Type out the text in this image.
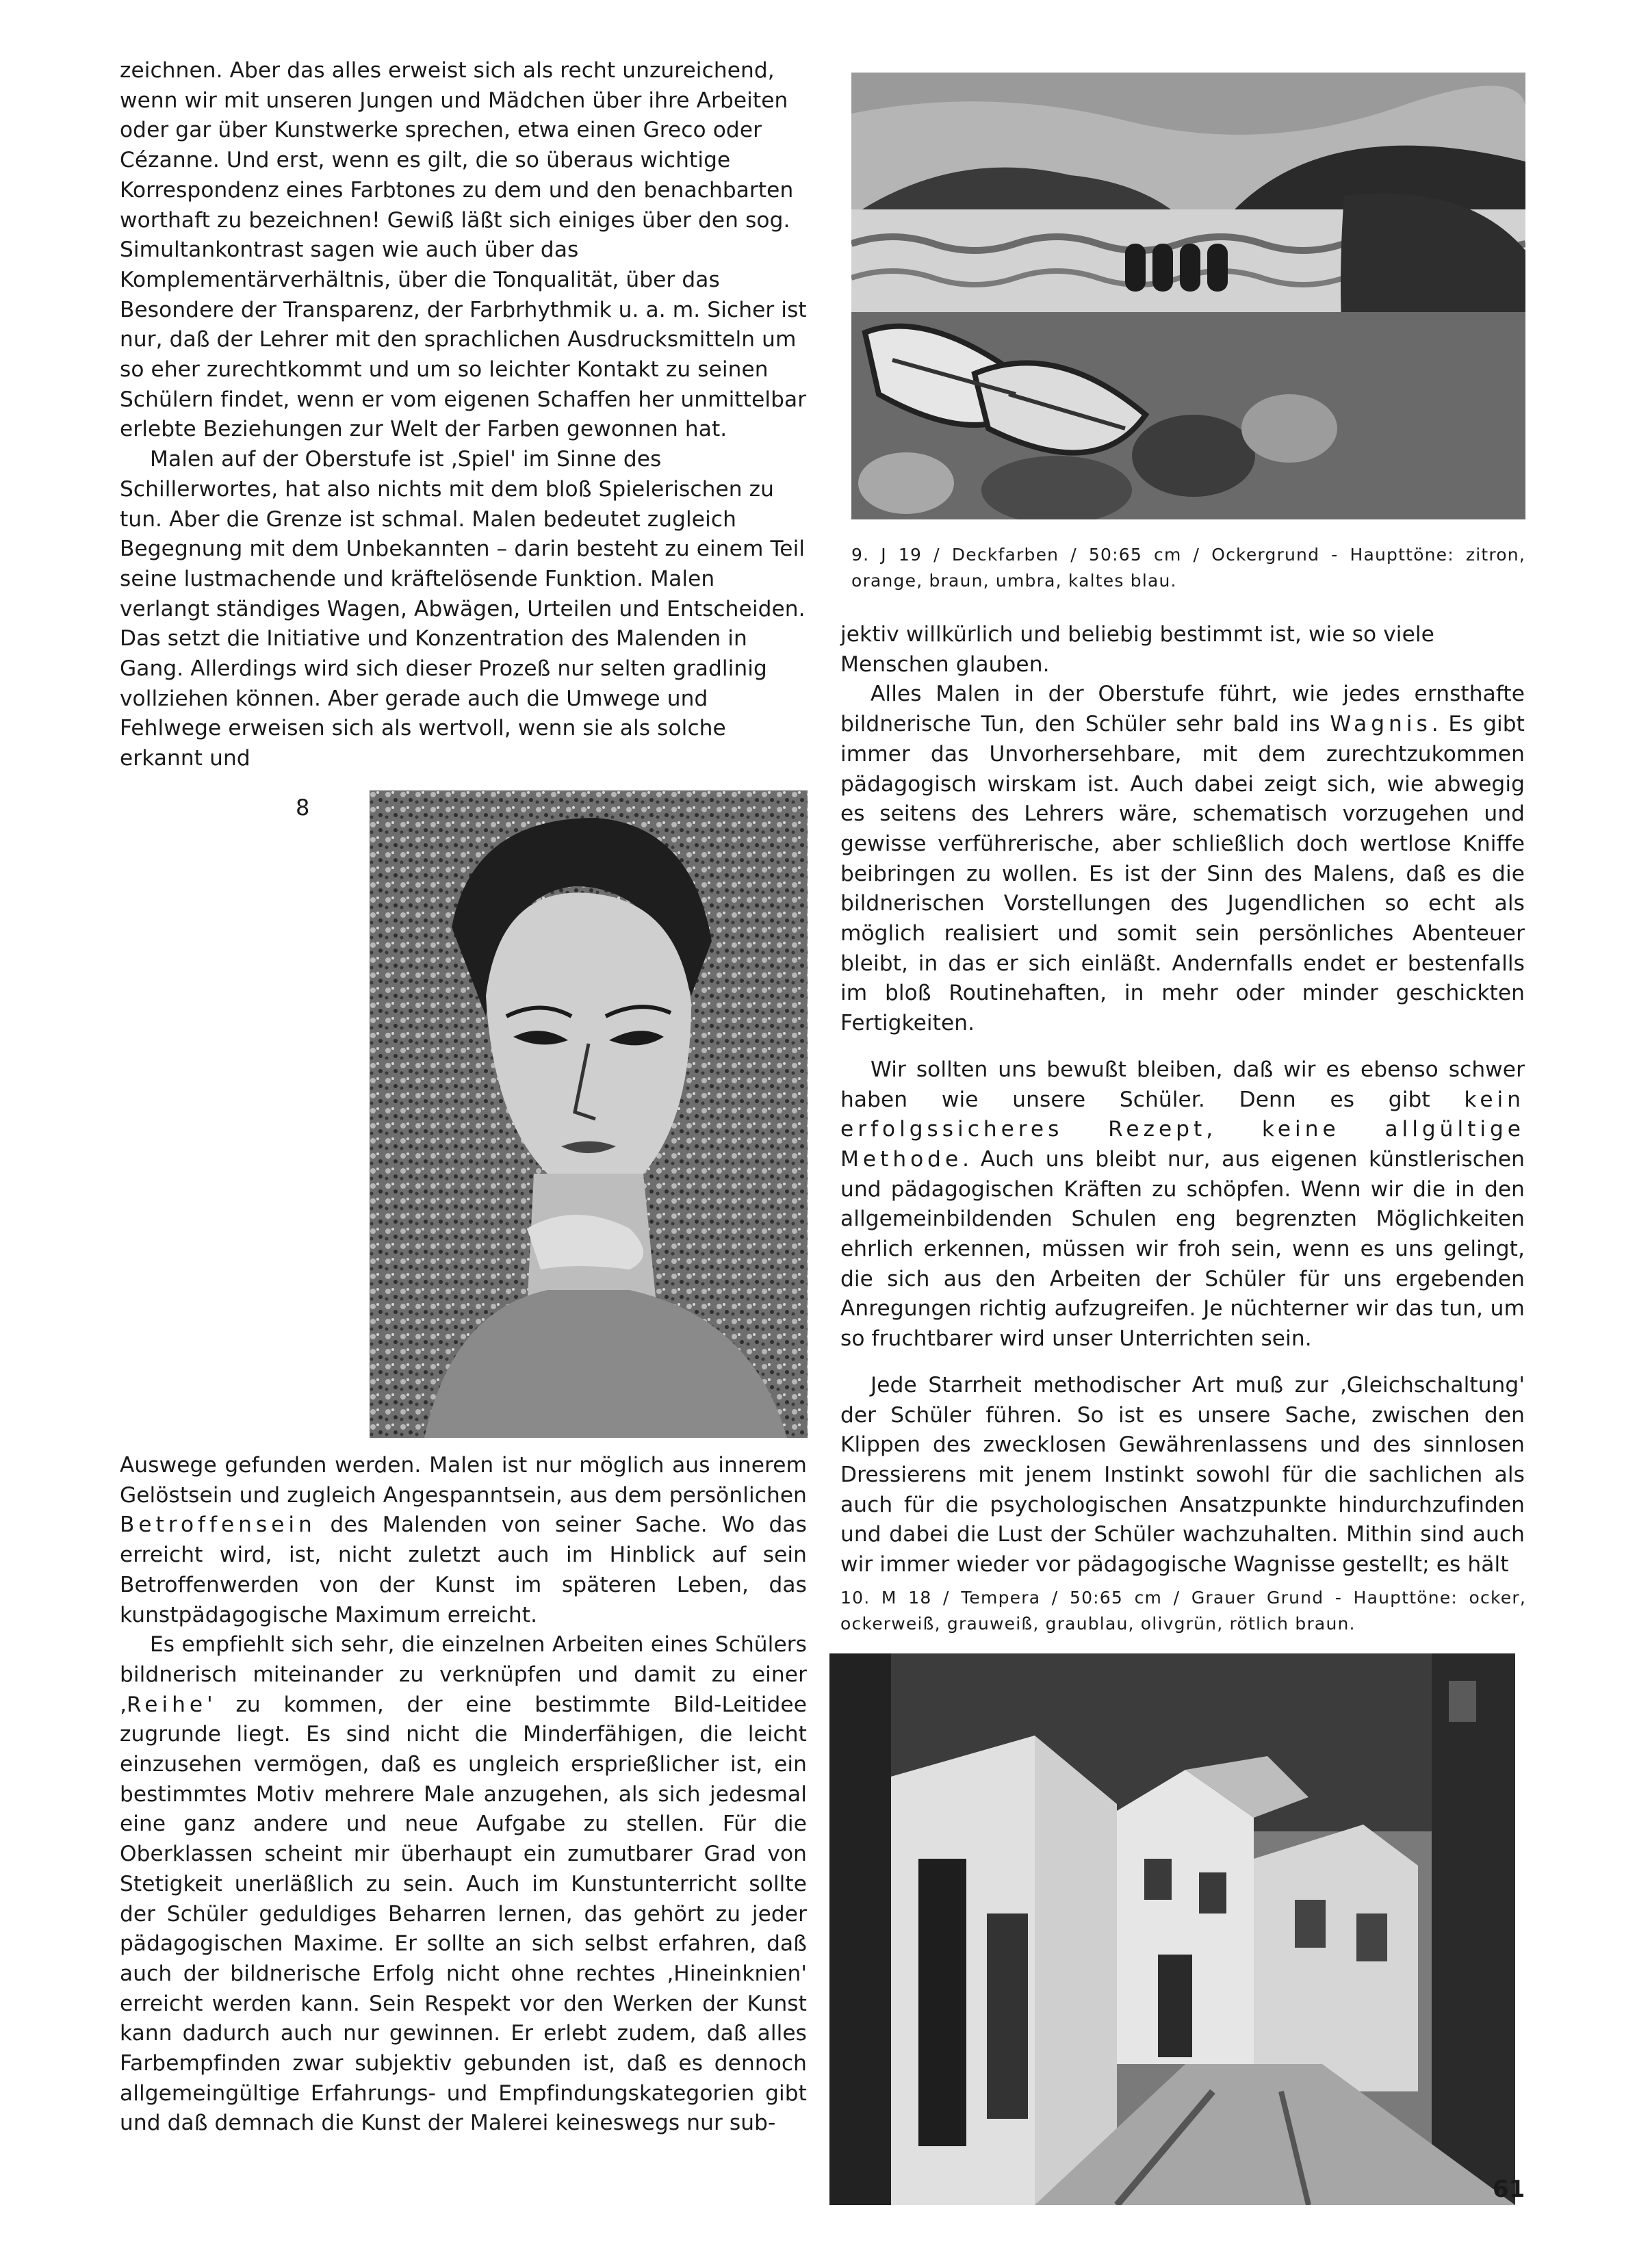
zeichnen. Aber das alles erweist sich als recht unzureichend, wenn wir mit unseren Jungen und Mädchen über ihre Arbeiten oder gar über Kunstwerke sprechen, etwa einen Greco oder Cézanne. Und erst, wenn es gilt, die so überaus wichtige Korrespondenz eines Farbtones zu dem und den benachbarten worthaft zu bezeichnen! Gewiß läßt sich einiges über den sog. Simultankontrast sagen wie auch über das Komplementärverhältnis, über die Tonqualität, über das Besondere der Transparenz, der Farbrhythmik u. a. m. Sicher ist nur, daß der Lehrer mit den sprachlichen Ausdrucksmitteln um so eher zurechtkommt und um so leichter Kontakt zu seinen Schülern findet, wenn er vom eigenen Schaffen her unmittelbar erlebte Beziehungen zur Welt der Farben gewonnen hat.

Malen auf der Oberstufe ist ‚Spiel' im Sinne des Schillerwortes, hat also nichts mit dem bloß Spielerischen zu tun. Aber die Grenze ist schmal. Malen bedeutet zugleich Begegnung mit dem Unbekannten – darin besteht zu einem Teil seine lustmachende und kräftelösende Funktion. Malen verlangt ständiges Wagen, Abwägen, Urteilen und Entscheiden. Das setzt die Initiative und Konzentration des Malenden in Gang. Allerdings wird sich dieser Prozeß nur selten gradlinig vollziehen können. Aber gerade auch die Umwege und Fehlwege erweisen sich als wertvoll, wenn sie als solche erkannt und

8

Auswege gefunden werden. Malen ist nur möglich aus innerem Gelöstsein und zugleich Angespanntsein, aus dem persönlichen Betroffensein des Malenden von seiner Sache. Wo das erreicht wird, ist, nicht zuletzt auch im Hinblick auf sein Betroffenwerden von der Kunst im späteren Leben, das kunstpädagogische Maximum erreicht.

Es empfiehlt sich sehr, die einzelnen Arbeiten eines Schülers bildnerisch miteinander zu verknüpfen und damit zu einer ‚Reihe' zu kommen, der eine bestimmte Bild-Leitidee zugrunde liegt. Es sind nicht die Minderfähigen, die leicht einzusehen vermögen, daß es ungleich ersprießlicher ist, ein bestimmtes Motiv mehrere Male anzugehen, als sich jedesmal eine ganz andere und neue Aufgabe zu stellen. Für die Oberklassen scheint mir überhaupt ein zumutbarer Grad von Stetigkeit unerläßlich zu sein. Auch im Kunstunterricht sollte der Schüler geduldiges Beharren lernen, das gehört zu jeder pädagogischen Maxime. Er sollte an sich selbst erfahren, daß auch der bildnerische Erfolg nicht ohne rechtes ‚Hineinknien' erreicht werden kann. Sein Respekt vor den Werken der Kunst kann dadurch auch nur gewinnen. Er erlebt zudem, daß alles Farbempfinden zwar subjektiv gebunden ist, daß es dennoch allgemeingültige Erfahrungs- und Empfindungskategorien gibt und daß demnach die Kunst der Malerei keineswegs nur sub-

9. J 19 / Deckfarben / 50:65 cm / Ockergrund - Haupttöne: zitron, orange, braun, umbra, kaltes blau.

jektiv willkürlich und beliebig bestimmt ist, wie so viele Menschen glauben.

Alles Malen in der Oberstufe führt, wie jedes ernsthafte bildnerische Tun, den Schüler sehr bald ins Wagnis. Es gibt immer das Unvorhersehbare, mit dem zurechtzukommen pädagogisch wirskam ist. Auch dabei zeigt sich, wie abwegig es seitens des Lehrers wäre, schematisch vorzugehen und gewisse verführerische, aber schließlich doch wertlose Kniffe beibringen zu wollen. Es ist der Sinn des Malens, daß es die bildnerischen Vorstellungen des Jugendlichen so echt als möglich realisiert und somit sein persönliches Abenteuer bleibt, in das er sich einläßt. Andernfalls endet er bestenfalls im bloß Routinehaften, in mehr oder minder geschickten Fertigkeiten.

Wir sollten uns bewußt bleiben, daß wir es ebenso schwer haben wie unsere Schüler. Denn es gibt kein erfolgssicheres Rezept, keine allgültige Methode. Auch uns bleibt nur, aus eigenen künstlerischen und pädagogischen Kräften zu schöpfen. Wenn wir die in den allgemeinbildenden Schulen eng begrenzten Möglichkeiten ehrlich erkennen, müssen wir froh sein, wenn es uns gelingt, die sich aus den Arbeiten der Schüler für uns ergebenden Anregungen richtig aufzugreifen. Je nüchterner wir das tun, um so fruchtbarer wird unser Unterrichten sein.

Jede Starrheit methodischer Art muß zur ‚Gleichschaltung' der Schüler führen. So ist es unsere Sache, zwischen den Klippen des zwecklosen Gewährenlassens und des sinnlosen Dressierens mit jenem Instinkt sowohl für die sachlichen als auch für die psychologischen Ansatzpunkte hindurchzufinden und dabei die Lust der Schüler wachzuhalten. Mithin sind auch wir immer wieder vor pädagogische Wagnisse gestellt; es hält

10. M 18 / Tempera / 50:65 cm / Grauer Grund - Haupttöne: ocker, ockerweiß, grauweiß, graublau, olivgrün, rötlich braun.
61
